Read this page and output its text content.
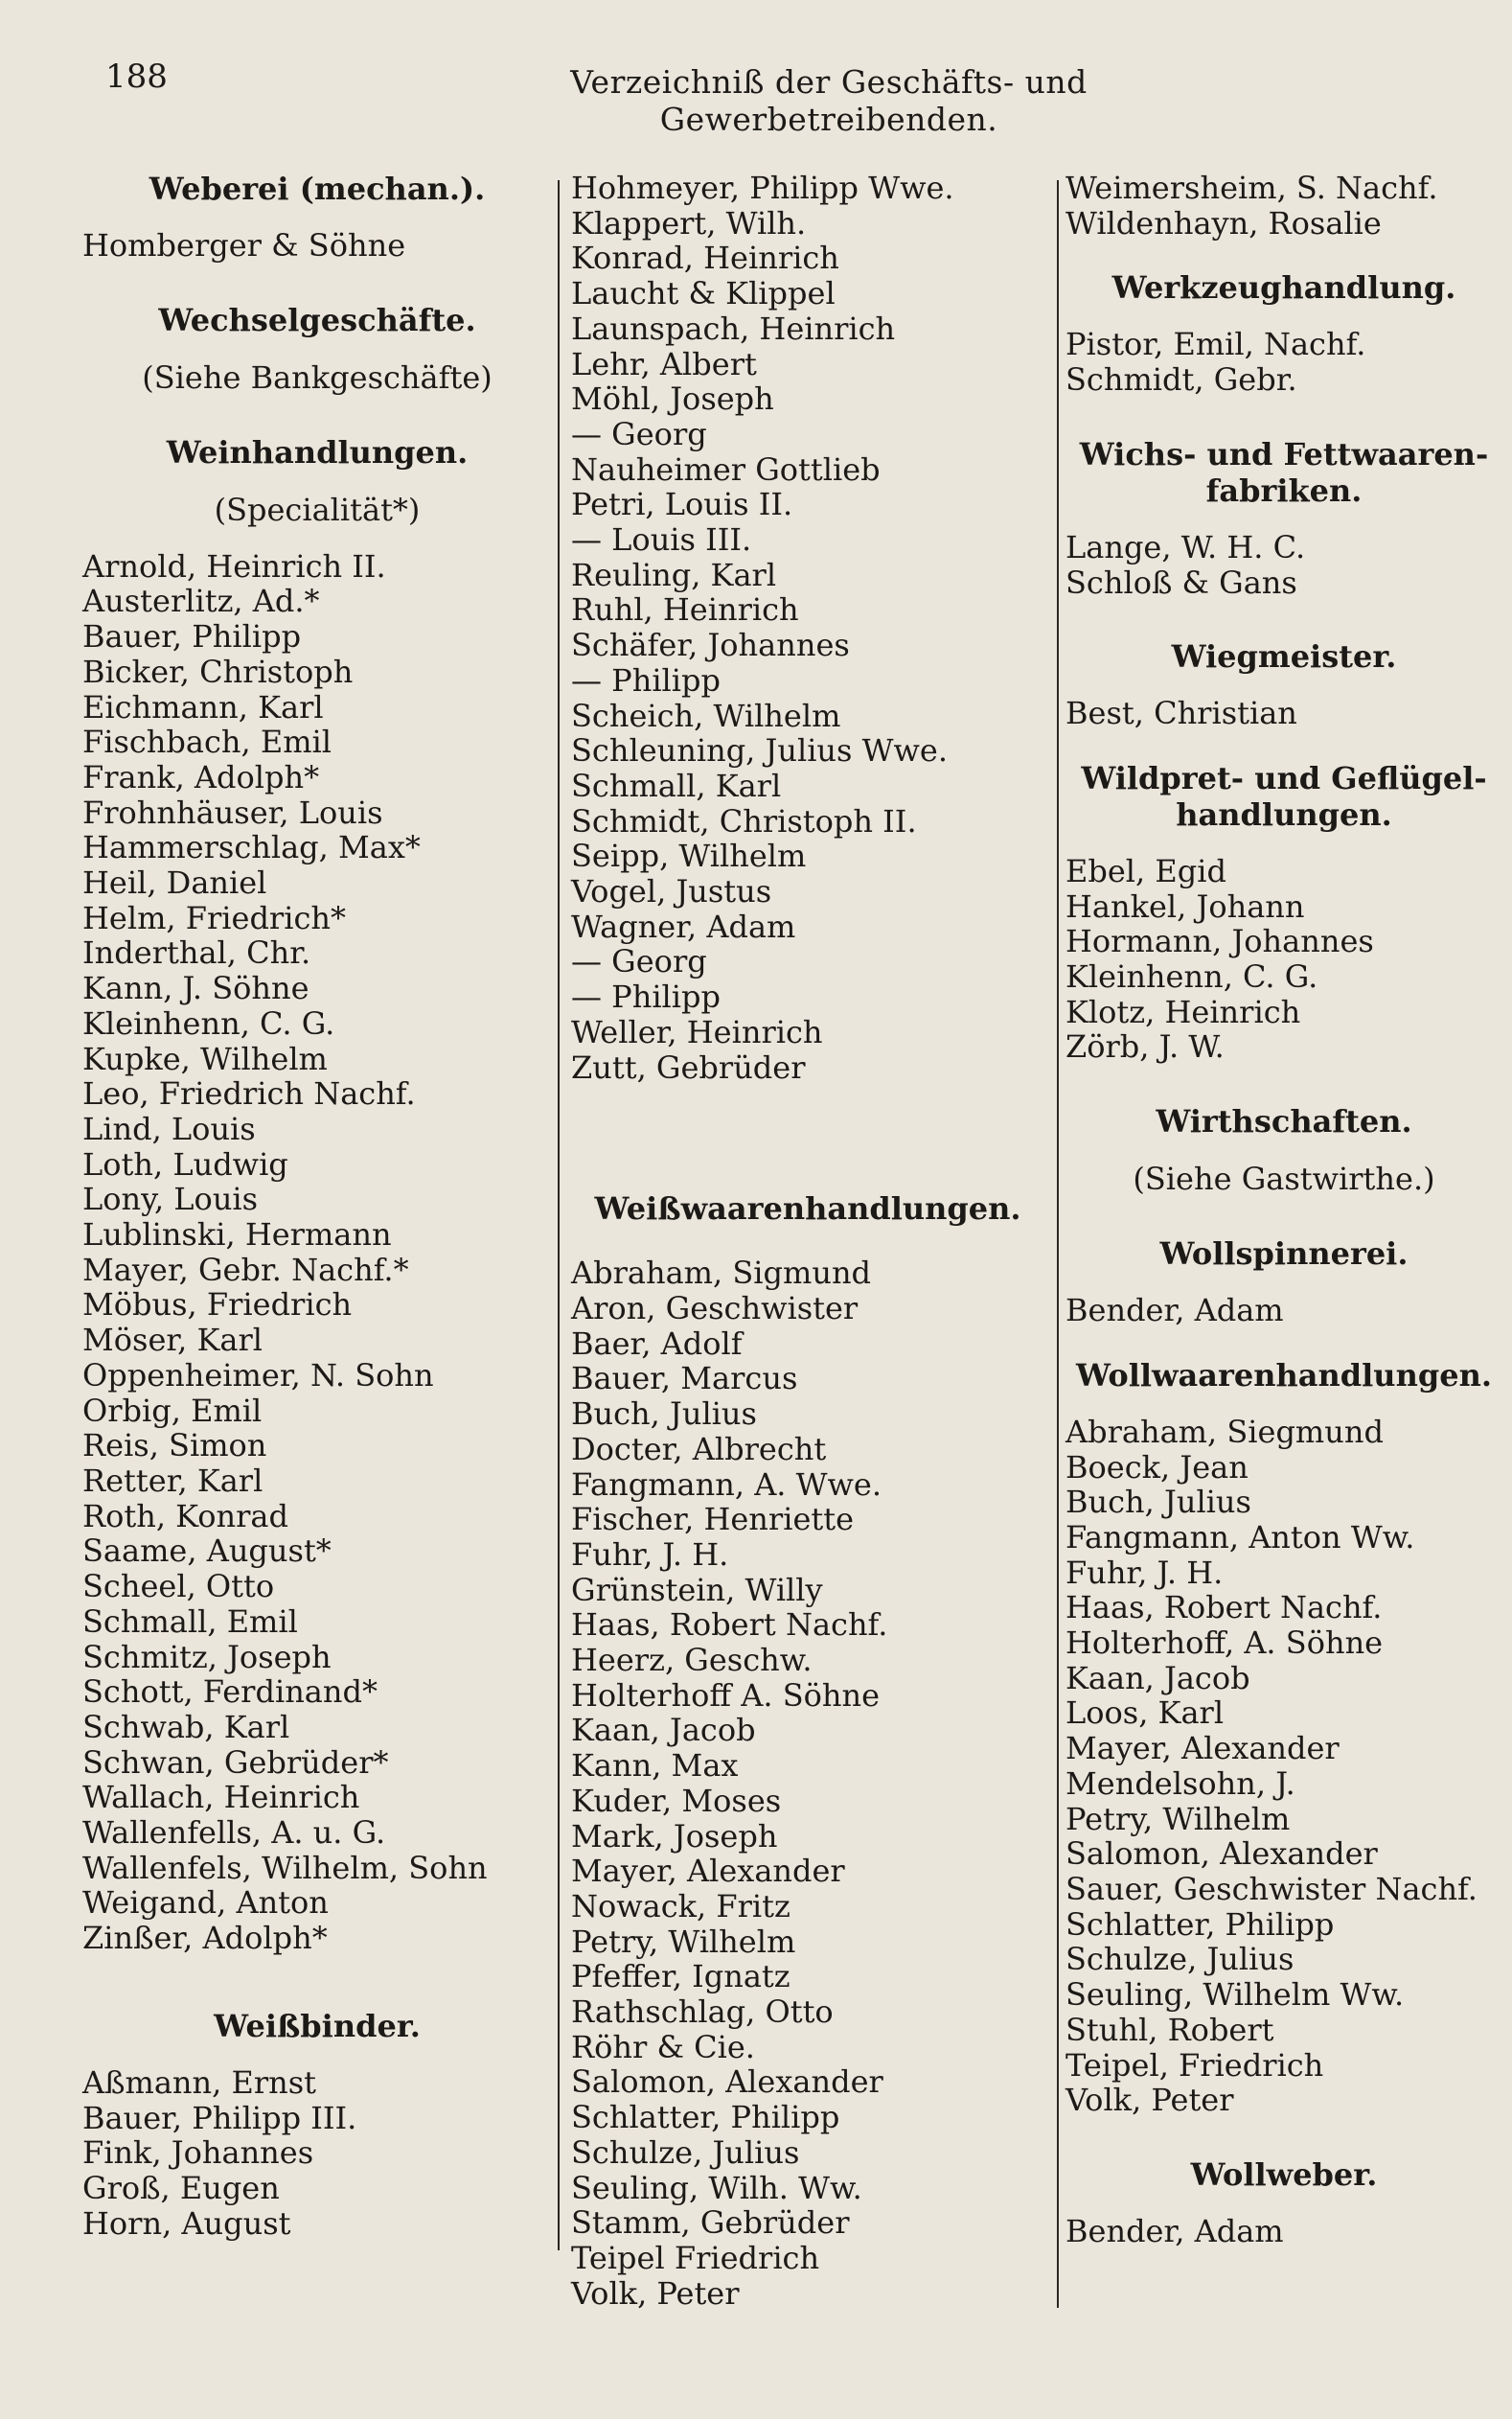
188	Verzeichniß der Geschäfts- und Gewerbetreibenden.
Weberei (mechan.).
Homberger & Söhne
Wechselgeschäfte.
(Siehe Bankgeschäfte)
Weinhandlungen.
(Specialität*)
Arnold, Heinrich II.
Austerlitz, Ad.*
Bauer, Philipp
Bicker, Christoph
Eichmann, Karl
Fischbach, Emil
Frank, Adolph*
Frohnhäuser, Louis
Hammerschlag, Max*
Heil, Daniel
Helm, Friedrich*
Inderthal, Chr.
Kann, J. Söhne
Kleinhenn, C. G.
Kupke, Wilhelm
Leo, Friedrich Nachf.
Lind, Louis
Loth, Ludwig
Lony, Louis
Lublinski, Hermann
Mayer, Gebr. Nachf.*
Möbus, Friedrich
Möser, Karl
Oppenheimer, N. Sohn
Orbig, Emil
Reis, Simon
Retter, Karl
Roth, Konrad
Saame, August*
Scheel, Otto
Schmall, Emil
Schmitz, Joseph
Schott, Ferdinand*
Schwab, Karl
Schwan, Gebrüder*
Wallach, Heinrich
Wallenfells, A. u. G.
Wallenfels, Wilhelm, Sohn
Weigand, Anton
Zinßer, Adolph*
Weißbinder.
Aßmann, Ernst
Bauer, Philipp III.
Fink, Johannes
Groß, Eugen
Horn, August
Hohmeyer, Philipp Wwe.
Klappert, Wilh.
Konrad, Heinrich
Laucht & Klippel
Launspach, Heinrich
Lehr, Albert
Möhl, Joseph
— Georg
Nauheimer Gottlieb
Petri, Louis II.
— Louis III.
Reuling, Karl
Ruhl, Heinrich
Schäfer, Johannes
— Philipp
Scheich, Wilhelm
Schleuning, Julius Wwe.
Schmall, Karl
Schmidt, Christoph II.
Seipp, Wilhelm
Vogel, Justus
Wagner, Adam
— Georg
— Philipp
Weller, Heinrich
Zutt, Gebrüder
Weißwaarenhandlungen.
Abraham, Sigmund
Aron, Geschwister
Baer, Adolf
Bauer, Marcus
Buch, Julius
Docter, Albrecht
Fangmann, A. Wwe.
Fischer, Henriette
Fuhr, J. H.
Grünstein, Willy
Haas, Robert Nachf.
Heerz, Geschw.
Holterhoff A. Söhne
Kaan, Jacob
Kann, Max
Kuder, Moses
Mark, Joseph
Mayer, Alexander
Nowack, Fritz
Petry, Wilhelm
Pfeffer, Ignatz
Rathschlag, Otto
Röhr & Cie.
Salomon, Alexander
Schlatter, Philipp
Schulze, Julius
Seuling, Wilh. Ww.
Stamm, Gebrüder
Teipel Friedrich
Volk, Peter
Weimersheim, S. Nachf.
Wildenhayn, Rosalie
Werkzeughandlung.
Pistor, Emil, Nachf.
Schmidt, Gebr.
Wichs- und Fettwaaren-
fabriken.
Lange, W. H. C.
Schloß & Gans
Wiegmeister.
Best, Christian
Wildpret- und Geflügel-
handlungen.
Ebel, Egid
Hankel, Johann
Hormann, Johannes
Kleinhenn, C. G.
Klotz, Heinrich
Zörb, J. W.
Wirthschaften.
(Siehe Gastwirthe.)
Wollspinnerei.
Bender, Adam
Wollwaarenhandlungen.
Abraham, Siegmund
Boeck, Jean
Buch, Julius
Fangmann, Anton Ww.
Fuhr, J. H.
Haas, Robert Nachf.
Holterhoff, A. Söhne
Kaan, Jacob
Loos, Karl
Mayer, Alexander
Mendelsohn, J.
Petry, Wilhelm
Salomon, Alexander
Sauer, Geschwister Nachf.
Schlatter, Philipp
Schulze, Julius
Seuling, Wilhelm Ww.
Stuhl, Robert
Teipel, Friedrich
Volk, Peter
Wollweber.
Bender, Adam
